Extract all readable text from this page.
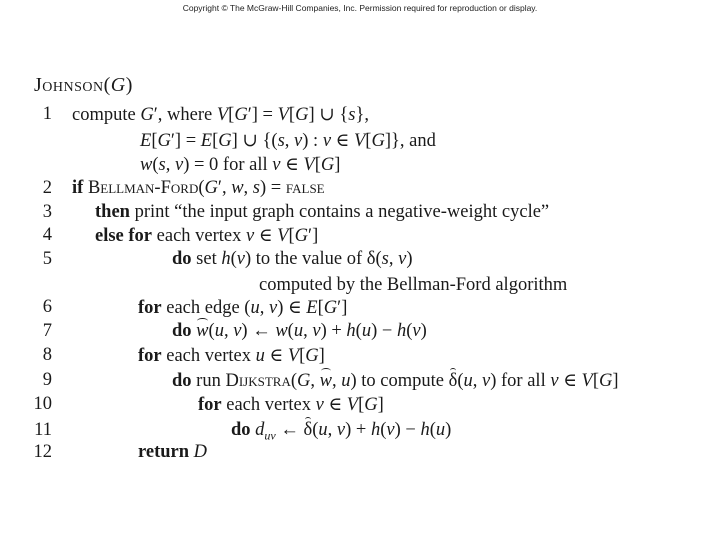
Copyright © The McGraw-Hill Companies, Inc. Permission required for reproduction or display.
Johnson(G)
1 compute G′, where V[G′] = V[G] ∪ {s},
E[G′] = E[G] ∪ {(s, v) : v ∈ V[G]}, and
w(s, v) = 0 for all v ∈ V[G]
2 if Bellman-Ford(G′, w, s) = false
3 then print “the input graph contains a negative-weight cycle”
4 else for each vertex v ∈ V[G′]
5	do set h(v) to the value of δ(s, v)
computed by the Bellman-Ford algorithm
6	for each edge (u, v) ∈ E[G′]
7	do w(u, v) ← w(u, v) + h(u) − h(v)
8	for each vertex u ∈ V[G]
9	do run Dijkstra(G, w, u) to compute δ(u, v) for all v ∈ V[G]
10	for each vertex v ∈ V[G]
11	do $d_{uv}$ ← δ(u, v) + h(v) − h(u)
12	return D
